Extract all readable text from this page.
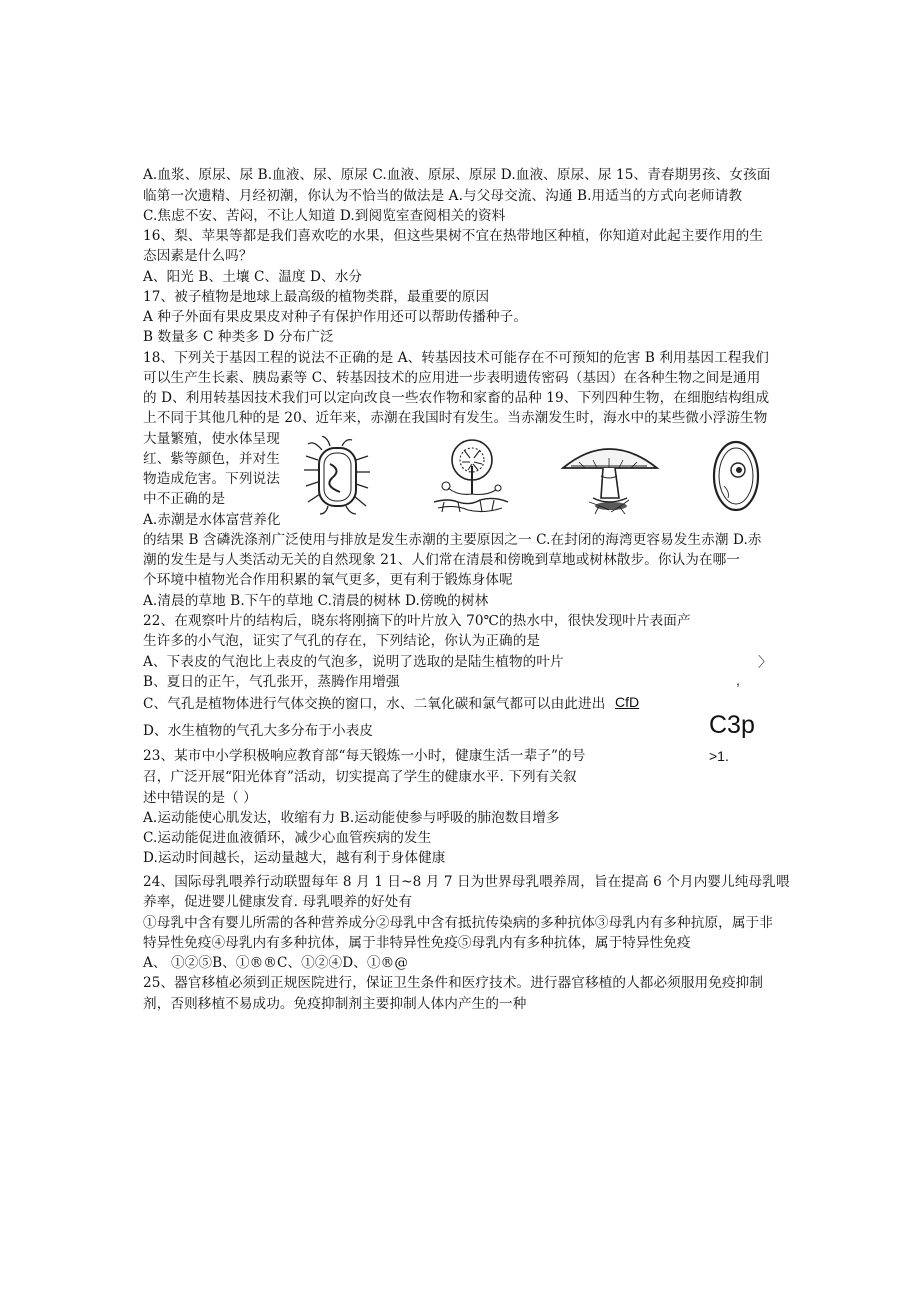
A.血浆、原尿、尿 B.血液、尿、原尿 C.血液、原尿、原尿 D.血液、原尿、尿 15、青春期男孩、女孩面
临第一次遗精、月经初潮，你认为不恰当的做法是 A.与父母交流、沟通 B.用适当的方式向老师请教
C.焦虑不安、苦闷，不让人知道 D.到阅览室查阅相关的资料
16、梨、苹果等都是我们喜欢吃的水果，但这些果树不宜在热带地区种植，你知道对此起主要作用的生
态因素是什么吗？
A、阳光 B、土壤 C、温度 D、水分
17、被子植物是地球上最高级的植物类群，最重要的原因
A 种子外面有果皮果皮对种子有保护作用还可以帮助传播种子。
B 数量多 C 种类多 D 分布广泛
18、下列关于基因工程的说法不正确的是 A、转基因技术可能存在不可预知的危害 B 利用基因工程我们
可以生产生长素、胰岛素等 C、转基因技术的应用进一步表明遗传密码（基因）在各种生物之间是通用
的 D、利用转基因技术我们可以定向改良一些农作物和家畜的品种 19、下列四种生物，在细胞结构组成
上不同于其他几种的是 20、近年来，赤潮在我国时有发生。当赤潮发生时，海水中的某些微小浮游生物
大量繁殖，使水体呈现
红、紫等颜色，并对生
物造成危害。下列说法
中不正确的是
A.赤潮是水体富营养化
的结果 B 含磷洗涤剂广泛使用与排放是发生赤潮的主要原因之一 C.在封闭的海湾更容易发生赤潮 D.赤
潮的发生是与人类活动无关的自然现象 21、人们常在清晨和傍晚到草地或树林散步。你认为在哪一
个环境中植物光合作用积累的氧气更多，更有利于锻炼身体呢
A.清晨的草地 B.下午的草地 C.清晨的树林 D.傍晚的树林
22、在观察叶片的结构后，晓东将刚摘下的叶片放入 70℃的热水中，很快发现叶片表面产
生许多的小气泡，证实了气孔的存在，下列结论，你认为正确的是
A、下表皮的气泡比上表皮的气泡多，说明了选取的是陆生植物的叶片
B、夏日的正午，气孔张开，蒸腾作用增强
C、气孔是植物体进行气体交换的窗口，水、二氧化碳和氯气都可以由此进出
D、水生植物的气孔大多分布于小表皮
23、某市中小学积极响应教育部“每天锻炼一小时，健康生活一辈子”的号
召，广泛开展“阳光体育”活动，切实提高了学生的健康水平. 下列有关叙
述中错误的是（ ）
A.运动能使心肌发达，收缩有力 B.运动能使参与呼吸的肺泡数目增多
C.运动能促进血液循环，减少心血管疾病的发生
D.运动时间越长，运动量越大，越有利于身体健康
24、国际母乳喂养行动联盟每年 8 月 1 日~8 月 7 日为世界母乳喂养周，旨在提高 6 个月内婴儿纯母乳喂
养率，促进婴儿健康发育. 母乳喂养的好处有
①母乳中含有婴儿所需的各种营养成分②母乳中含有抵抗传染病的多种抗体③母乳内有多种抗原，属于非
特异性免疫④母乳内有多种抗体，属于非特异性免疫⑤母乳内有多种抗体，属于特异性免疫
A、 ①②⑤B、①®®C、①②④D、①®@
25、器官移植必须到正规医院进行，保证卫生条件和医疗技术。进行器官移植的人都必须服用免疫抑制
剂，否则移植不易成功。免疫抑制剂主要抑制人体内产生的一种
CfD
C3p
>1.
〉
,
